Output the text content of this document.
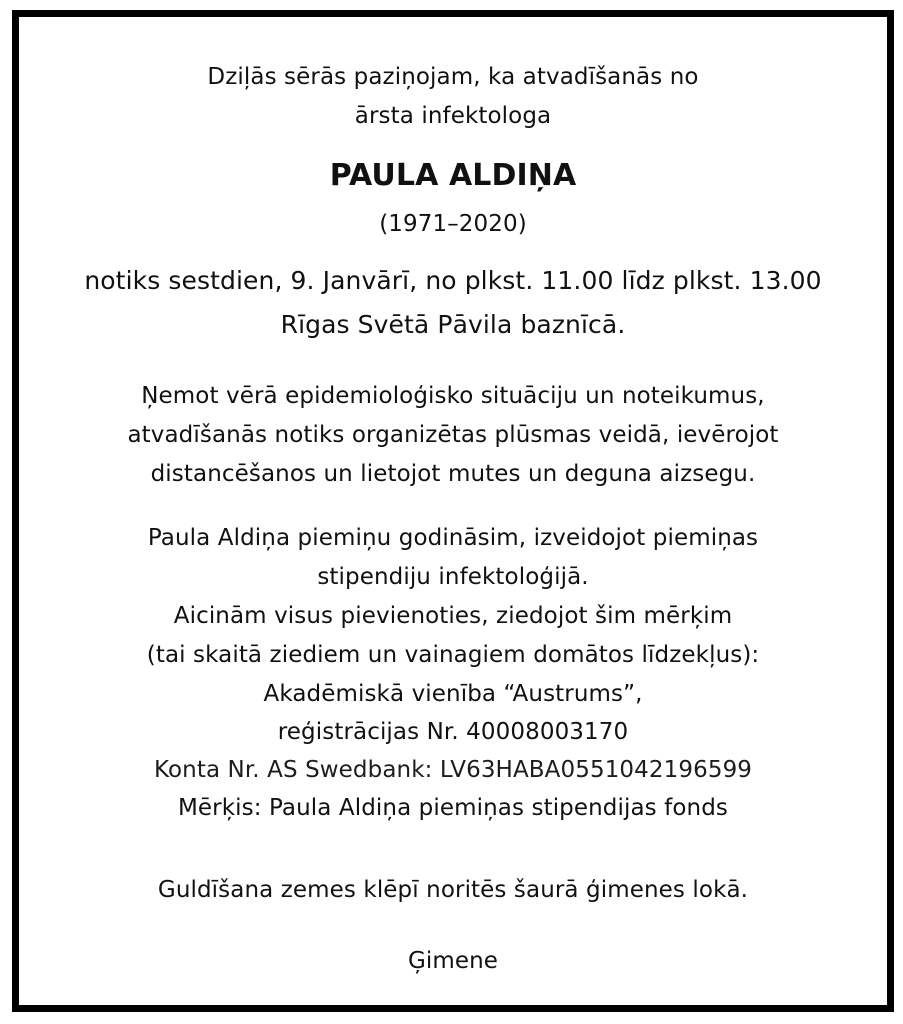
Dziļās sērās paziņojam, ka atvadīšanās no
ārsta infektologa
PAULA ALDIŅA
(1971–2020)
notiks sestdien, 9. Janvārī, no plkst. 11.00 līdz plkst. 13.00
Rīgas Svētā Pāvila baznīcā.
Ņemot vērā epidemioloģisko situāciju un noteikumus,
atvadīšanās notiks organizētas plūsmas veidā, ievērojot
distancēšanos un lietojot mutes un deguna aizsegu.
Paula Aldiņa piemiņu godināsim, izveidojot piemiņas
stipendiju infektoloģijā.
Aicinām visus pievienoties, ziedojot šim mērķim
(tai skaitā ziediem un vainagiem domātos līdzekļus):
Akadēmiskā vienība “Austrums”,
reģistrācijas Nr. 40008003170
Konta Nr. AS Swedbank: LV63HABA0551042196599
Mērķis: Paula Aldiņa piemiņas stipendijas fonds
Guldīšana zemes klēpī noritēs šaurā ģimenes lokā.
Ģimene
